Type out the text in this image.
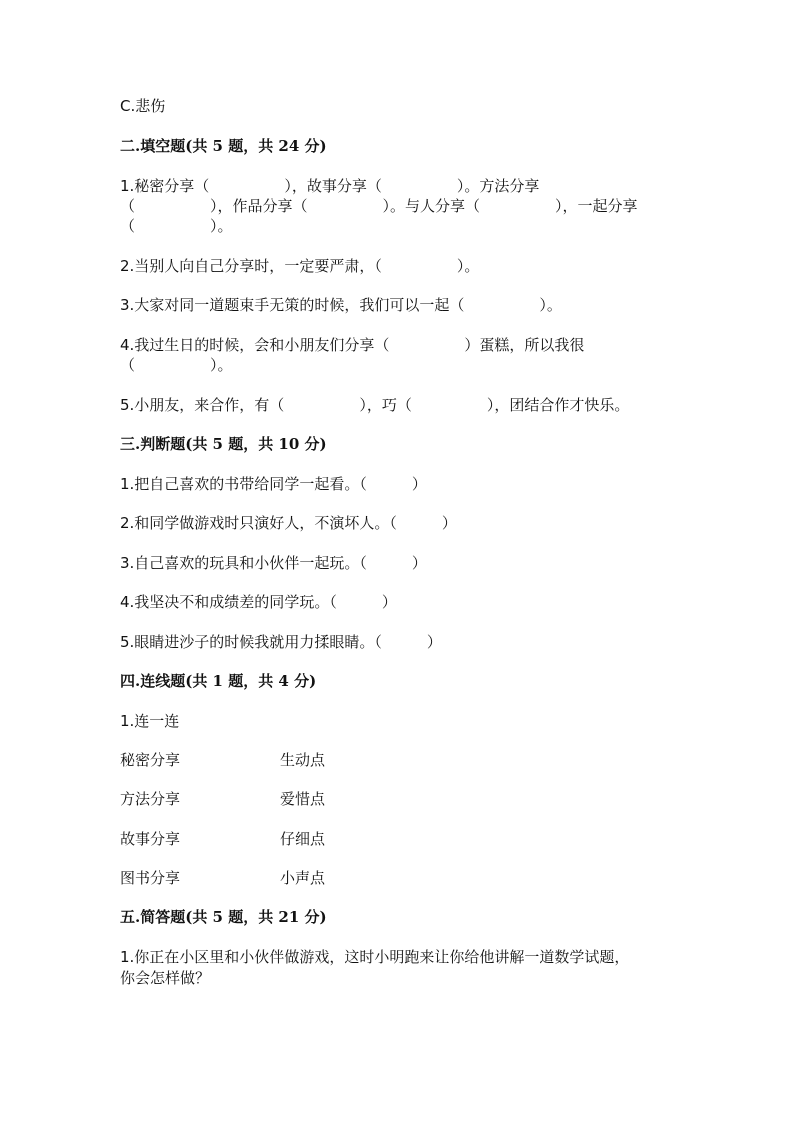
C.悲伤
二.填空题(共 5 题，共 24 分)
1.秘密分享（　　　　　），故事分享（　　　　　）。方法分享
（　　　　　），作品分享（　　　　　）。与人分享（　　　　　），一起分享
（　　　　　）。
2.当别人向自己分享时，一定要严肃，（　　　　　）。
3.大家对同一道题束手无策的时候，我们可以一起（　　　　　）。
4.我过生日的时候，会和小朋友们分享（　　　　　）蛋糕，所以我很
（　　　　　）。
5.小朋友，来合作，有（　　　　　），巧（　　　　　），团结合作才快乐。
三.判断题(共 5 题，共 10 分)
1.把自己喜欢的书带给同学一起看。（　　　）
2.和同学做游戏时只演好人，不演坏人。（　　　）
3.自己喜欢的玩具和小伙伴一起玩。（　　　）
4.我坚决不和成绩差的同学玩。（　　　）
5.眼睛进沙子的时候我就用力揉眼睛。（　　　）
四.连线题(共 1 题，共 4 分)
1.连一连
秘密分享	生动点
方法分享	爱惜点
故事分享	仔细点
图书分享	小声点
五.简答题(共 5 题，共 21 分)
1.你正在小区里和小伙伴做游戏，这时小明跑来让你给他讲解一道数学试题，
你会怎样做？
